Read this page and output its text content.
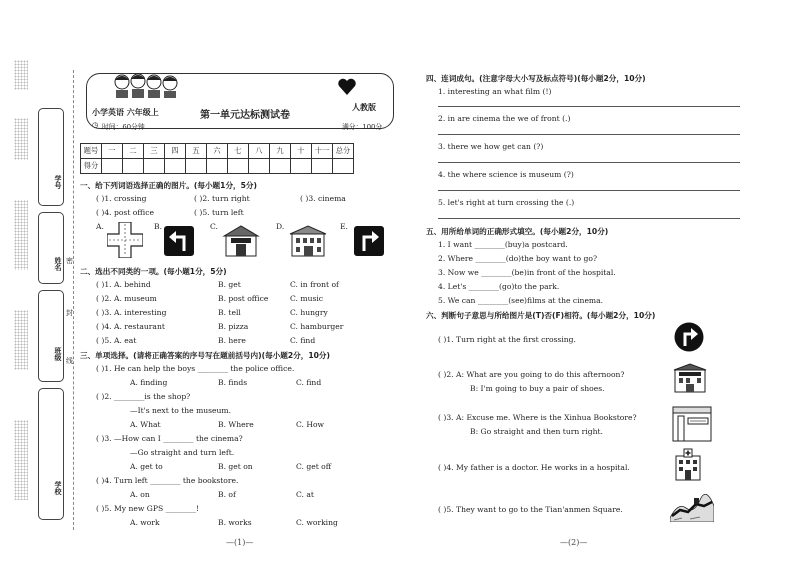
学号
姓名
班级
学校
密
封
线
小学英语 六年级上	第一单元达标测试卷
人教版
◷ 时间：60分钟	满分：100分
题号	一	二	三	四	五	六	七	八	九	十	十一	总分
得分												
一、给下列词语选择正确的图片。(每小题1分，5分)
( )1. crossing	( )2. turn right	( )3. cinema
( )4. post office	( )5. turn left
A.	B.	C.	D.	E.
二、选出不同类的一项。(每小题1分，5分)
( )1. A. behind	B. get	C. in front of
( )2. A. museum	B. post office	C. music
( )3. A. interesting	B. tell	C. hungry
( )4. A. restaurant	B. pizza	C. hamburger
( )5. A. eat	B. here	C. find
三、单项选择。(请将正确答案的序号写在题前括号内)(每小题2分，10分)
( )1. He can help the boys ________ the police office.
A. finding	B. finds	C. find
( )2. ________is the shop?
—It's next to the museum.
A. What	B. Where	C. How
( )3. —How can I ________ the cinema?
—Go straight and turn left.
A. get to	B. get on	C. get off
( )4. Turn left ________ the bookstore.
A. on	B. of	C. at
( )5. My new GPS ________!
A. work	B. works	C. working
—(1)—
四、连词成句。(注意字母大小写及标点符号)(每小题2分，10分)
1. interesting an what film (!)
2. in are cinema the we of front (.)
3. there we how get can (?)
4. the where science is museum (?)
5. let's right at turn crossing the (.)
五、用所给单词的正确形式填空。(每小题2分，10分)
1. I want ________(buy)a postcard.
2. Where ________(do)the boy want to go?
3. Now we ________(be)in front of the hospital.
4. Let's ________(go)to the park.
5. We can ________(see)films at the cinema.
六、判断句子意思与所给图片是(T)否(F)相符。(每小题2分，10分)
( )1. Turn right at the first crossing.
( )2. A: What are you going to do this afternoon?
B: I'm going to buy a pair of shoes.
( )3. A: Excuse me. Where is the Xinhua Bookstore?
B: Go straight and then turn right.
( )4. My father is a doctor. He works in a hospital.
( )5. They want to go to the Tian'anmen Square.
—(2)—
